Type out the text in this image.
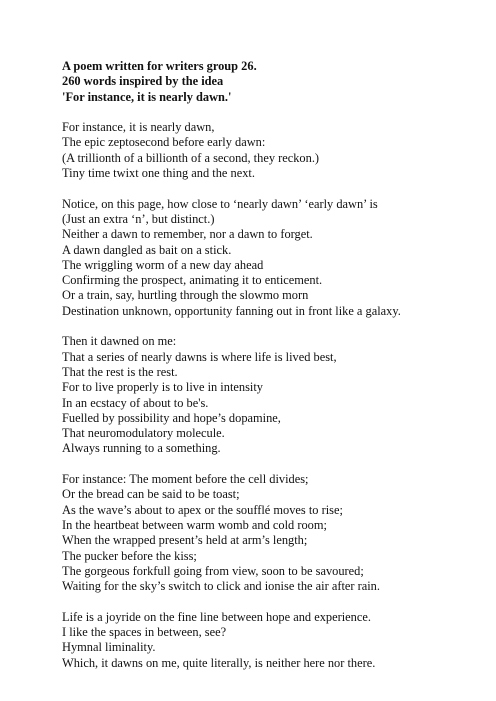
A poem written for writers group 26.
260 words inspired by the idea
'For instance, it is nearly dawn.'
For instance, it is nearly dawn,
The epic zeptosecond before early dawn:
(A trillionth of a billionth of a second, they reckon.)
Tiny time twixt one thing and the next.
Notice, on this page, how close to ‘nearly dawn’ ‘early dawn’ is
(Just an extra ‘n’, but distinct.)
Neither a dawn to remember, nor a dawn to forget.
A dawn dangled as bait on a stick.
The wriggling worm of a new day ahead
Confirming the prospect, animating it to enticement.
Or a train, say, hurtling through the slowmo morn
Destination unknown, opportunity fanning out in front like a galaxy.
Then it dawned on me:
That a series of nearly dawns is where life is lived best,
That the rest is the rest.
For to live properly is to live in intensity
In an ecstacy of about to be's.
Fuelled by possibility and hope’s dopamine,
That neuromodulatory molecule.
Always running to a something.
For instance: The moment before the cell divides;
Or the bread can be said to be toast;
As the wave’s about to apex or the soufflé moves to rise;
In the heartbeat between warm womb and cold room;
When the wrapped present’s held at arm’s length;
The pucker before the kiss;
The gorgeous forkfull going from view, soon to be savoured;
Waiting for the sky’s switch to click and ionise the air after rain.
Life is a joyride on the fine line between hope and experience.
I like the spaces in between, see?
Hymnal liminality.
Which, it dawns on me, quite literally, is neither here nor there.
